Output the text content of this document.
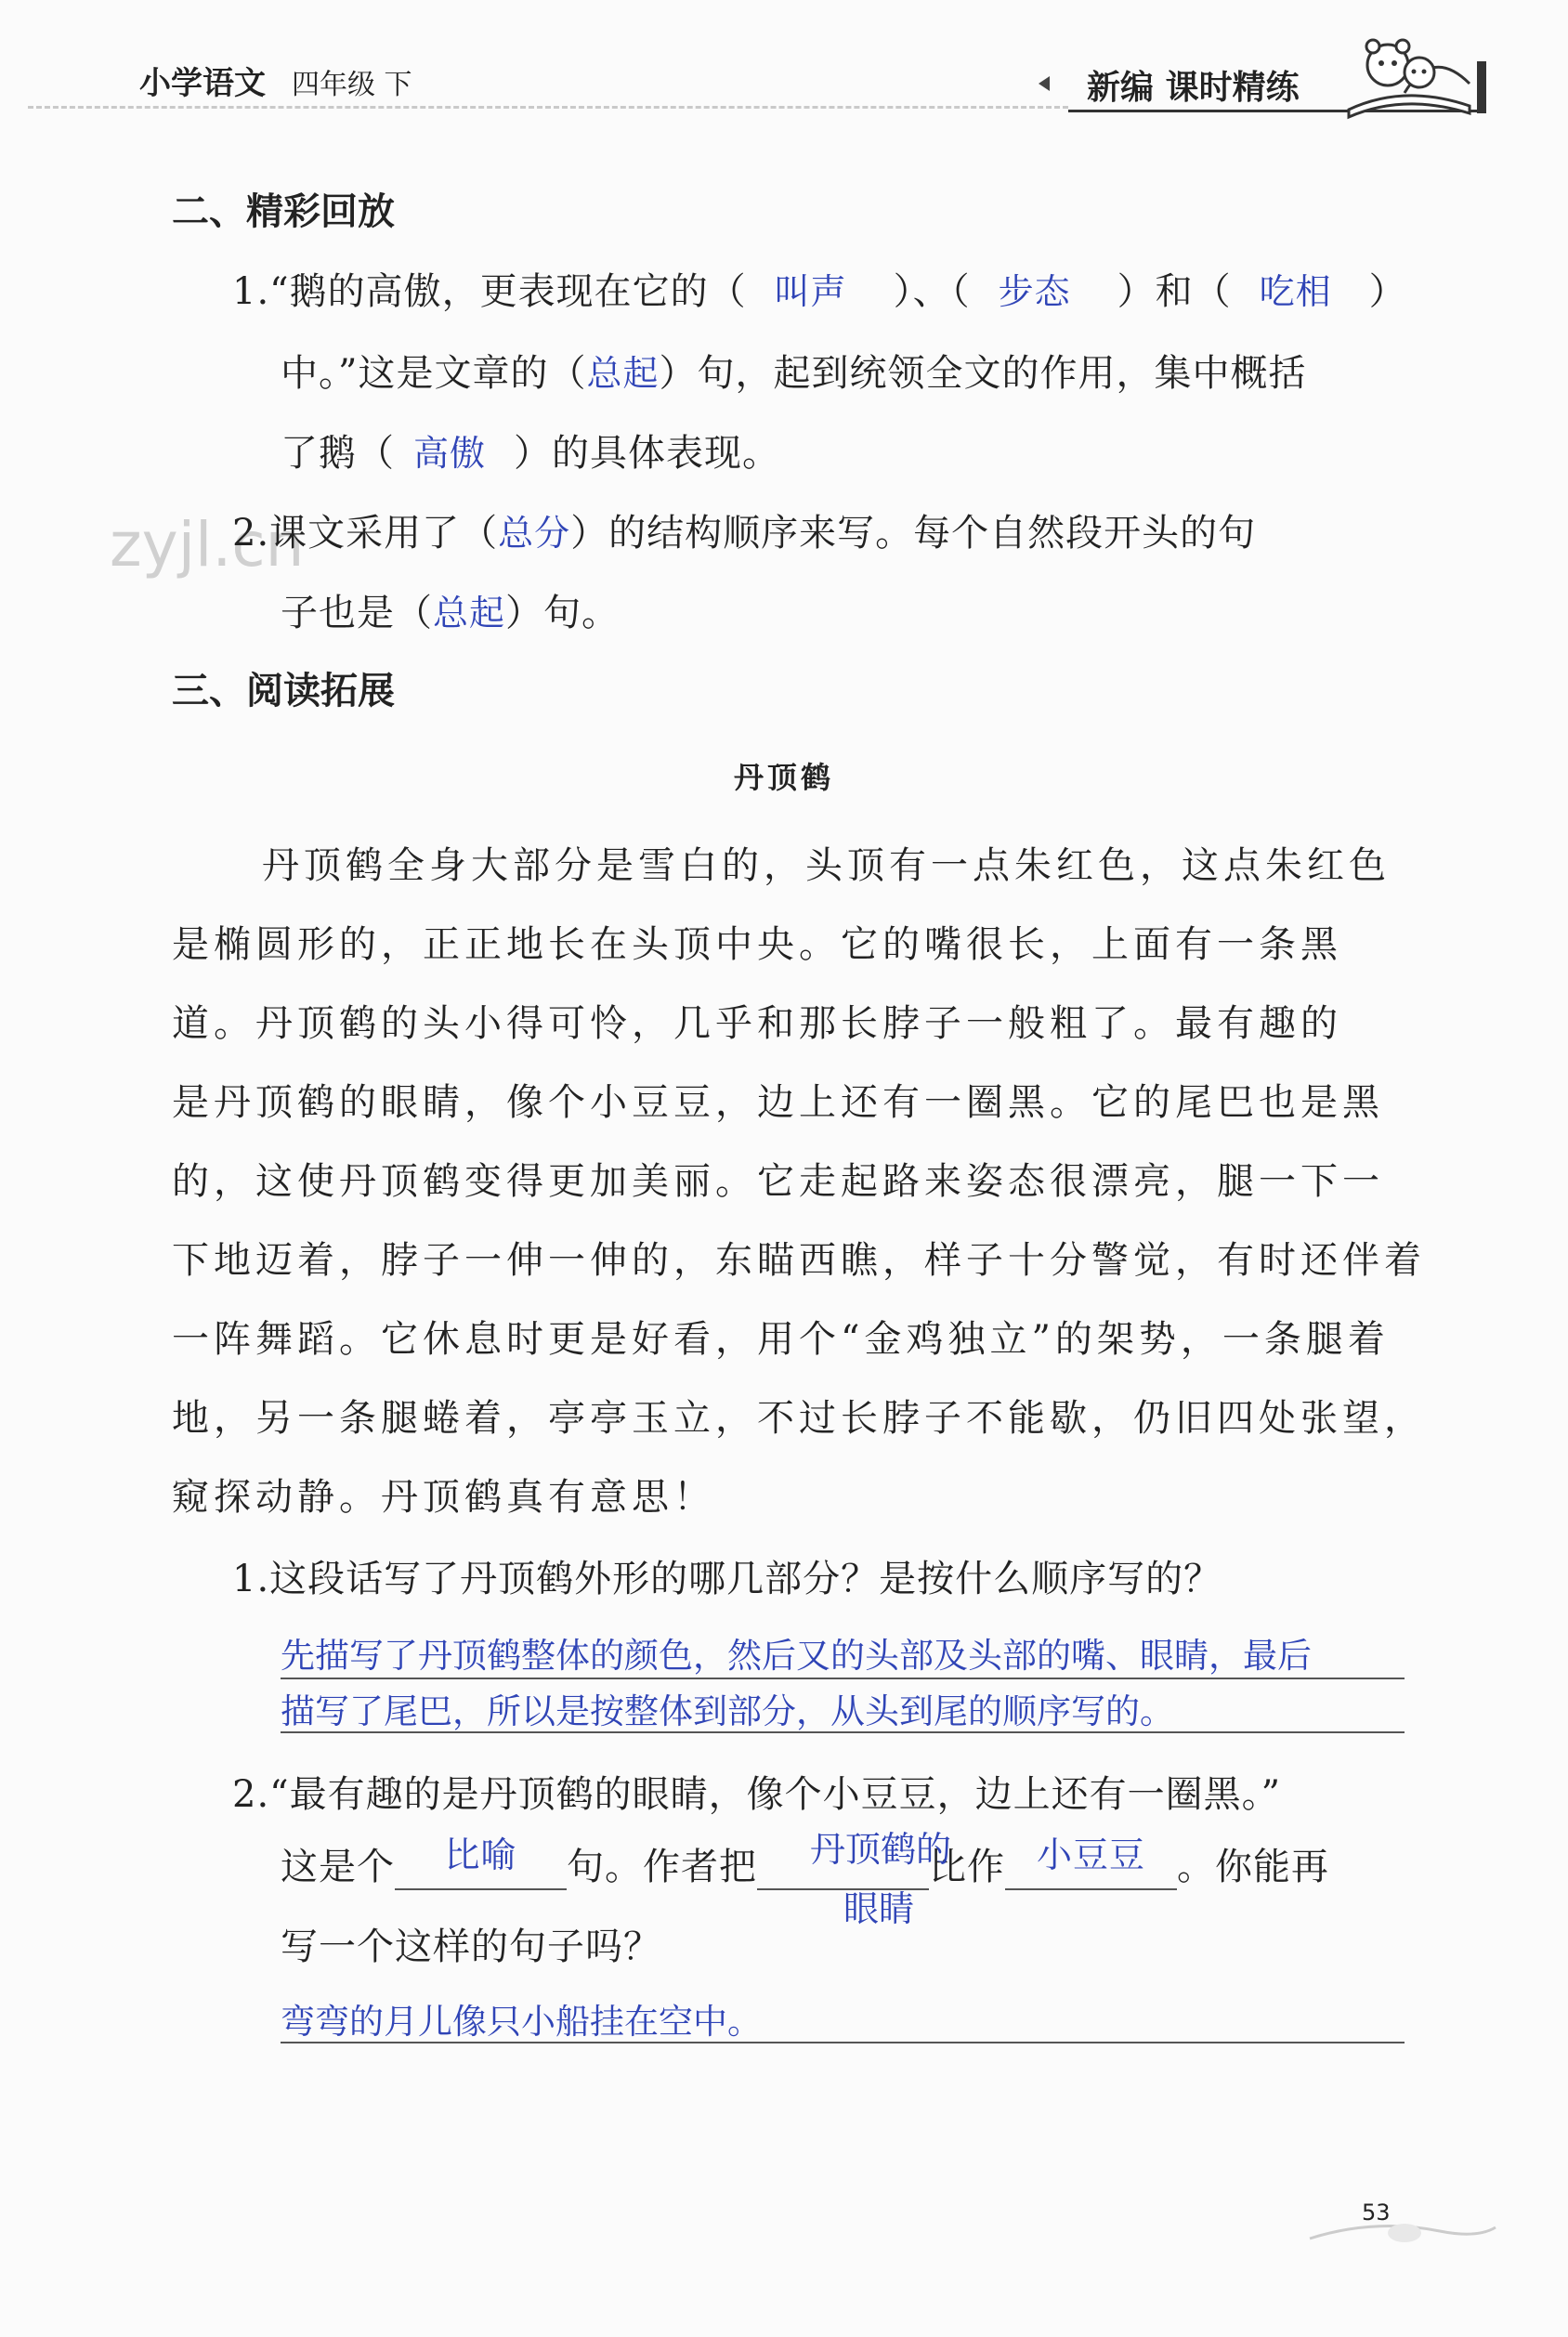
小学语文 四年级 下	新编 课时精练
zyjl.cn
二、精彩回放
1.“鹅的高傲，更表现在它的（ 叫声 ）、（ 步态 ）和（ 吃相 ）
中。”这是文章的（总起）句，起到统领全文的作用，集中概括
了鹅（ 高傲 ）的具体表现。
2.课文采用了（总分）的结构顺序来写。每个自然段开头的句
子也是（总起）句。
三、阅读拓展
丹顶鹤
丹顶鹤全身大部分是雪白的，头顶有一点朱红色，这点朱红色
是椭圆形的，正正地长在头顶中央。它的嘴很长，上面有一条黑
道。丹顶鹤的头小得可怜，几乎和那长脖子一般粗了。最有趣的
是丹顶鹤的眼睛，像个小豆豆，边上还有一圈黑。它的尾巴也是黑
的，这使丹顶鹤变得更加美丽。它走起路来姿态很漂亮，腿一下一
下地迈着，脖子一伸一伸的，东瞄西瞧，样子十分警觉，有时还伴着
一阵舞蹈。它休息时更是好看，用个“金鸡独立”的架势，一条腿着
地，另一条腿蜷着，亭亭玉立，不过长脖子不能歇，仍旧四处张望，
窥探动静。丹顶鹤真有意思！
1.这段话写了丹顶鹤外形的哪几部分？是按什么顺序写的？
先描写了丹顶鹤整体的颜色，然后又的头部及头部的嘴、眼睛，最后
描写了尾巴，所以是按整体到部分，从头到尾的顺序写的。
2.“最有趣的是丹顶鹤的眼睛，像个小豆豆，边上还有一圈黑。”
这是个 比喻 句。作者把	比作 小豆豆 。你能再
丹顶鹤的
眼睛
写一个这样的句子吗？
弯弯的月儿像只小船挂在空中。
53
